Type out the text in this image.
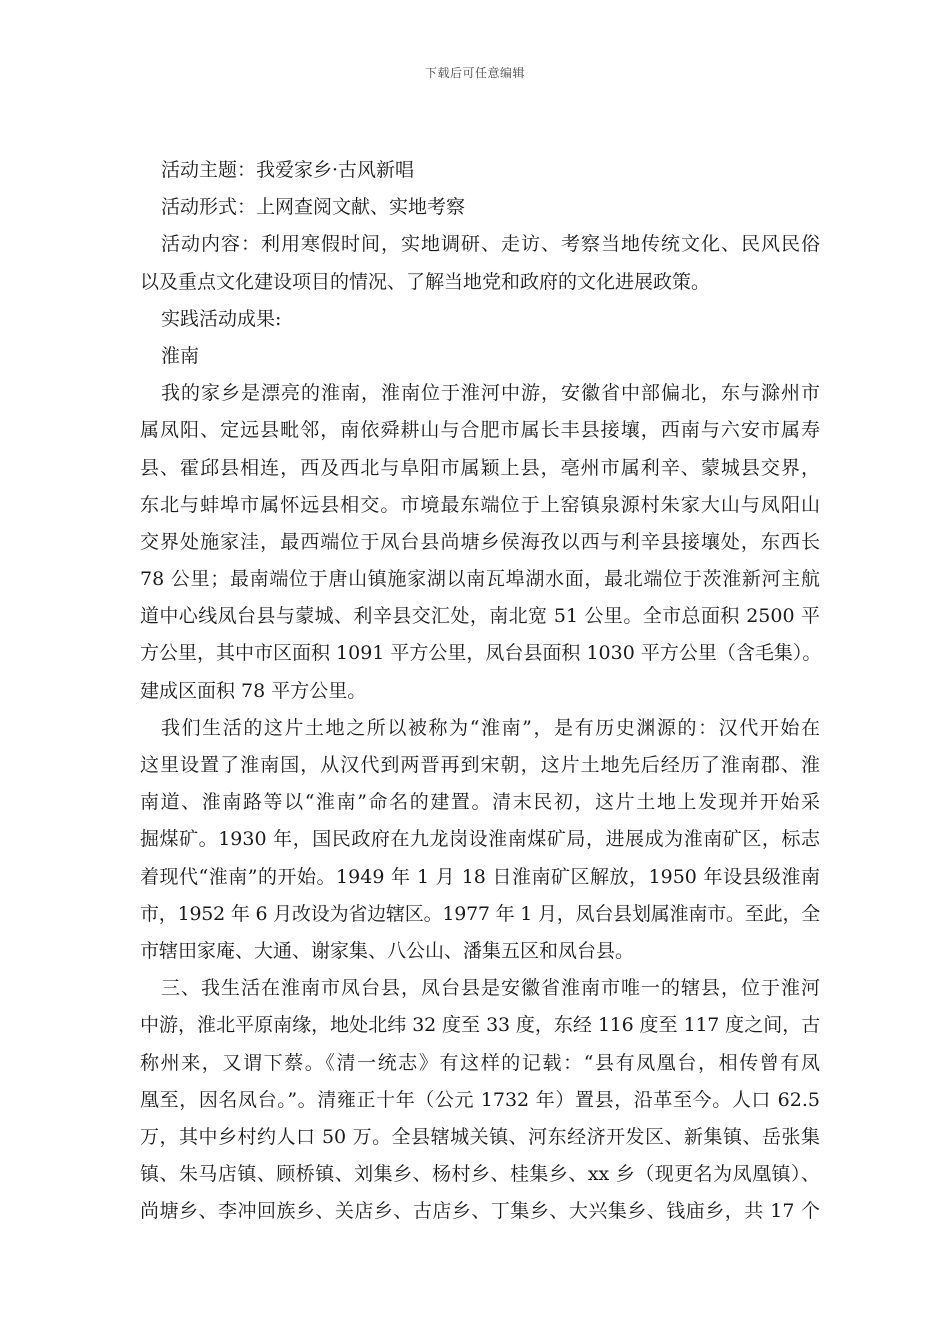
下载后可任意编辑
活动主题：我爱家乡·古风新唱
活动形式：上网查阅文献、实地考察
活动内容：利用寒假时间，实地调研、走访、考察当地传统文化、民风民俗
以及重点文化建设项目的情况、了解当地党和政府的文化进展政策。
实践活动成果:
淮南
我的家乡是漂亮的淮南，淮南位于淮河中游，安徽省中部偏北，东与滁州市
属凤阳、定远县毗邻，南依舜耕山与合肥市属长丰县接壤，西南与六安市属寿
县、霍邱县相连，西及西北与阜阳市属颖上县，亳州市属利辛、蒙城县交界，
东北与蚌埠市属怀远县相交。市境最东端位于上窑镇泉源村朱家大山与凤阳山
交界处施家洼，最西端位于凤台县尚塘乡侯海孜以西与利辛县接壤处，东西长
78 公里；最南端位于唐山镇施家湖以南瓦埠湖水面，最北端位于茨淮新河主航
道中心线凤台县与蒙城、利辛县交汇处，南北宽 51 公里。全市总面积 2500 平
方公里，其中市区面积 1091 平方公里，凤台县面积 1030 平方公里（含毛集）。
建成区面积 78 平方公里。
我们生活的这片土地之所以被称为“淮南”，是有历史渊源的：汉代开始在
这里设置了淮南国，从汉代到两晋再到宋朝，这片土地先后经历了淮南郡、淮
南道、淮南路等以“淮南”命名的建置。清末民初，这片土地上发现并开始采
掘煤矿。1930 年，国民政府在九龙岗设淮南煤矿局，进展成为淮南矿区，标志
着现代“淮南”的开始。1949 年 1 月 18 日淮南矿区解放，1950 年设县级淮南
市，1952 年 6 月改设为省边辖区。1977 年 1 月，凤台县划属淮南市。至此，全
市辖田家庵、大通、谢家集、八公山、潘集五区和凤台县。
三、我生活在淮南市凤台县，凤台县是安徽省淮南市唯一的辖县，位于淮河
中游，淮北平原南缘，地处北纬 32 度至 33 度，东经 116 度至 117 度之间，古
称州来，又谓下蔡。《清一统志》有这样的记载：“县有凤凰台，相传曾有凤
凰至，因名凤台。”。清雍正十年（公元 1732 年）置县，沿革至今。人口 62.5
万，其中乡村约人口 50 万。全县辖城关镇、河东经济开发区、新集镇、岳张集
镇、朱马店镇、顾桥镇、刘集乡、杨村乡、桂集乡、xx 乡（现更名为凤凰镇）、
尚塘乡、李冲回族乡、关店乡、古店乡、丁集乡、大兴集乡、钱庙乡，共 17 个
